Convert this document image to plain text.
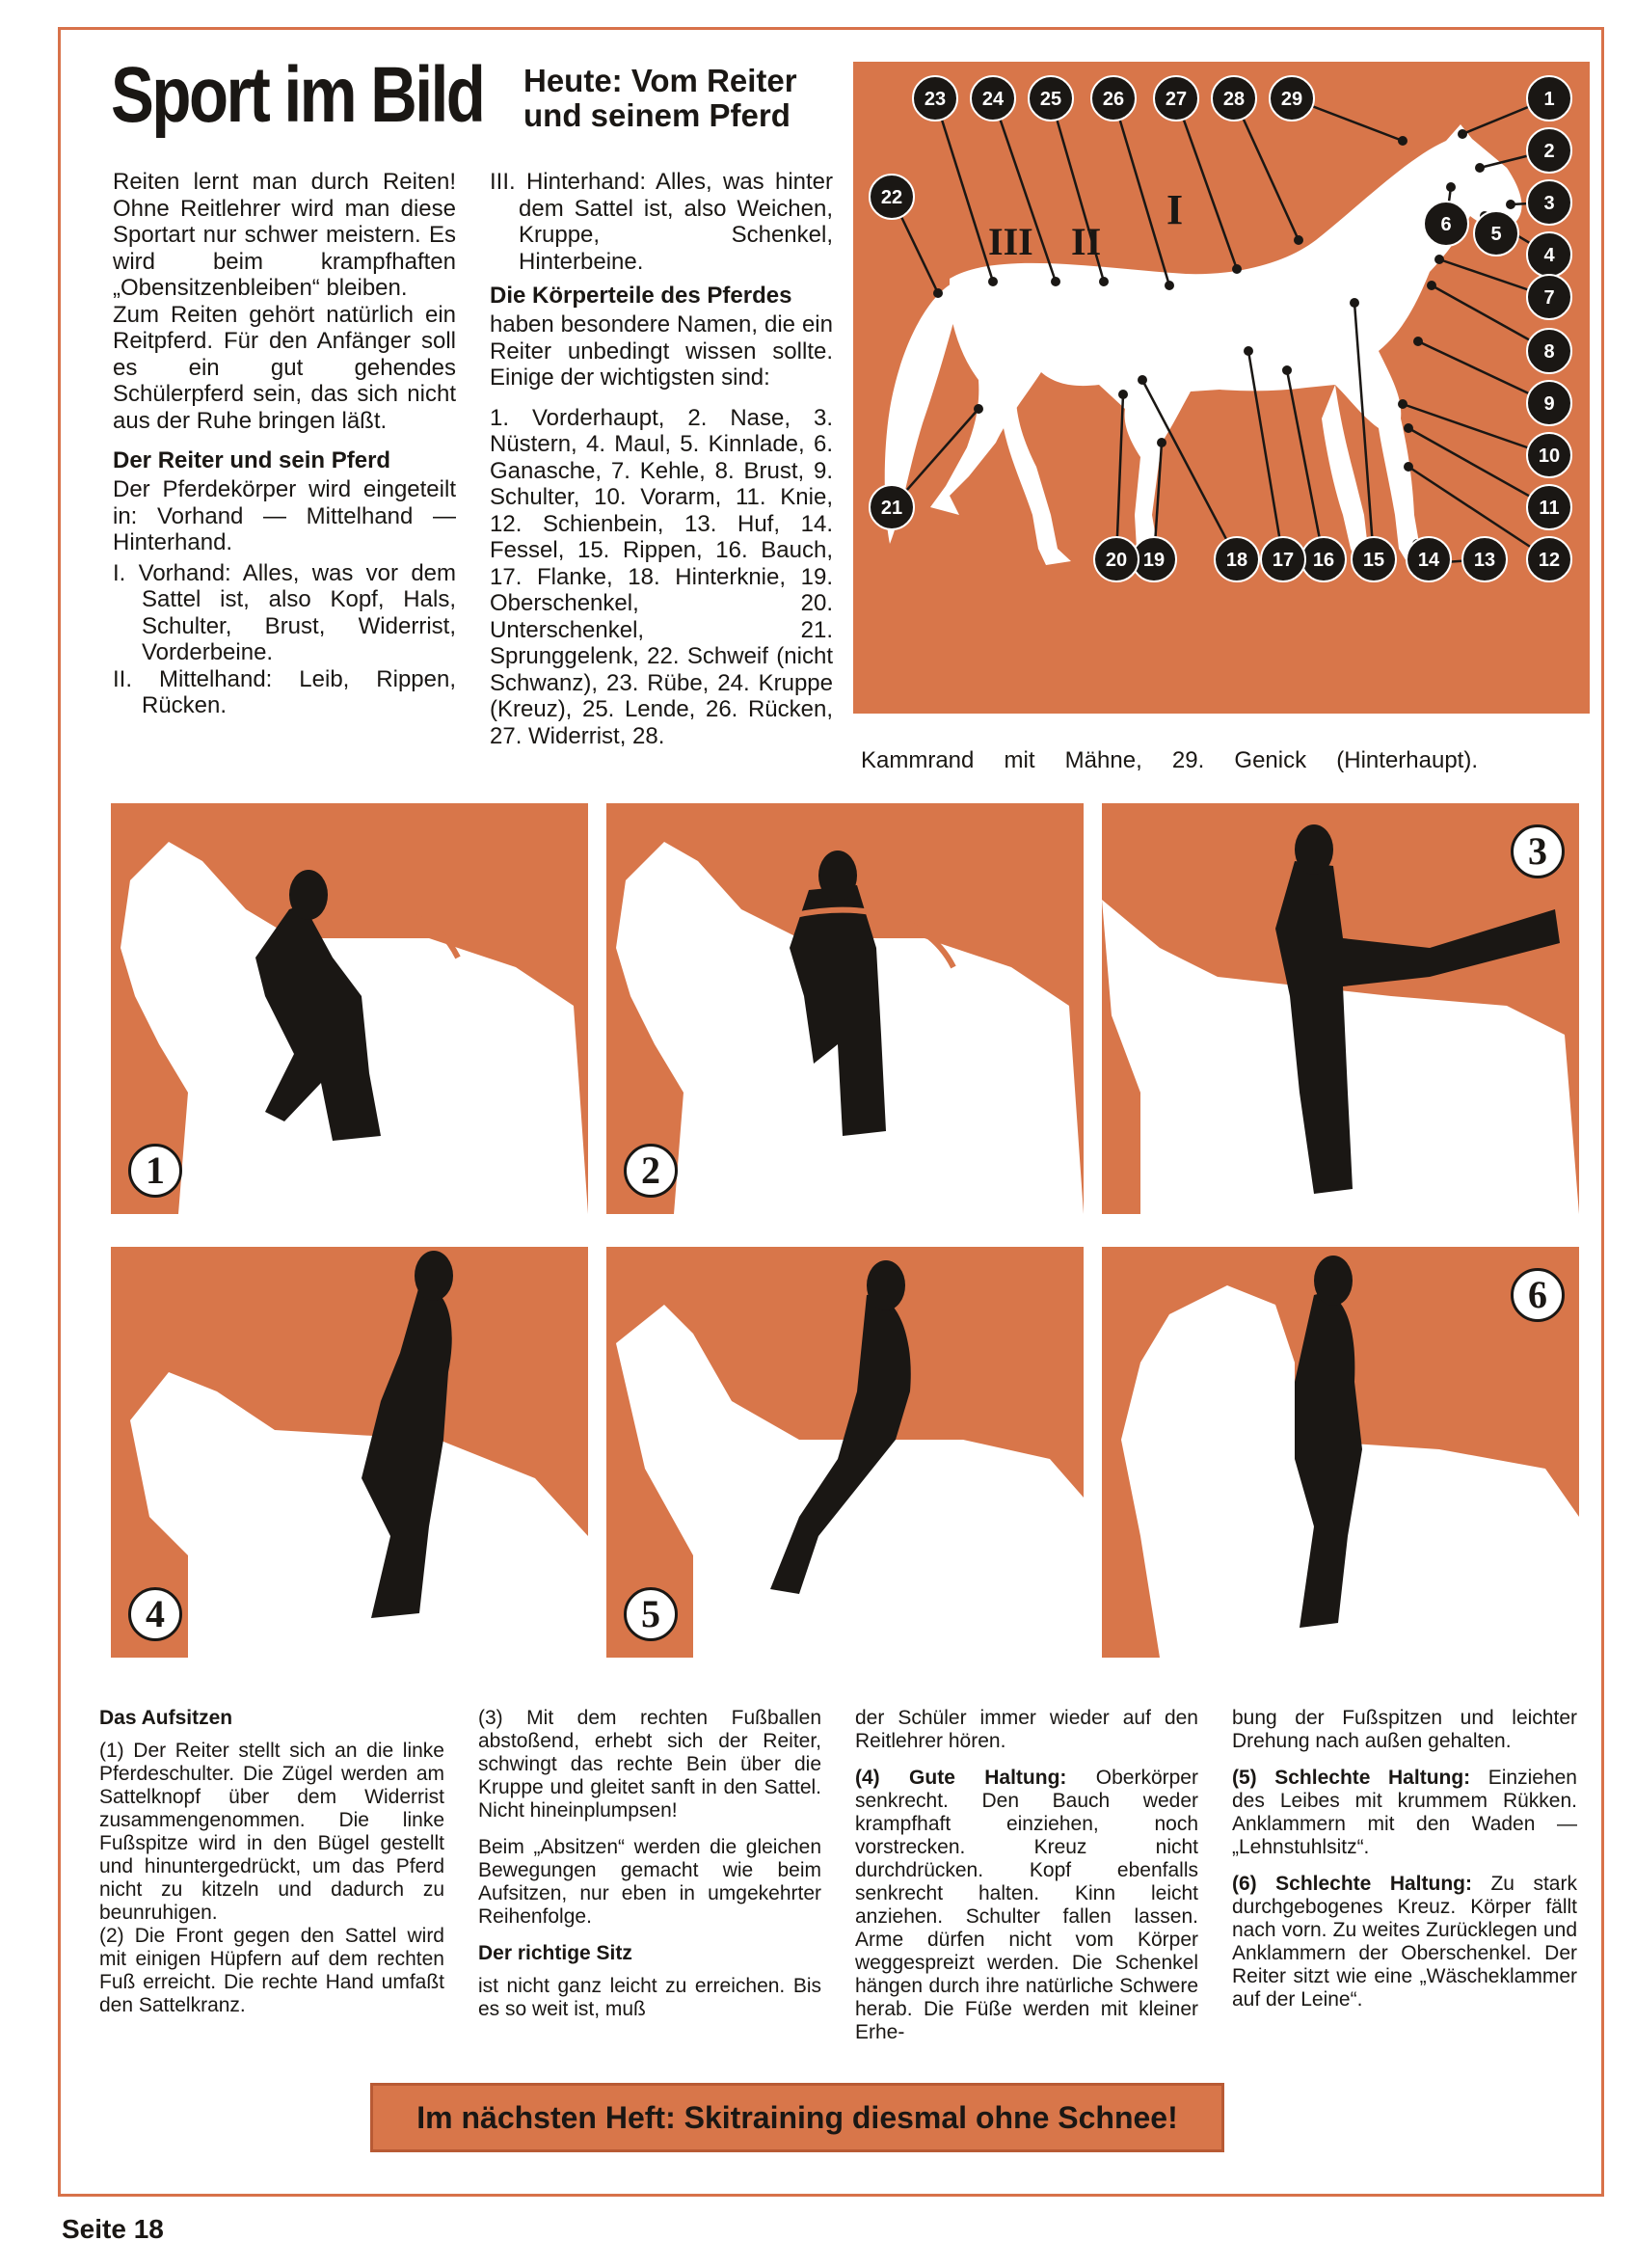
Sport im Bild Heute: Vom Reiter und seinem Pferd

Reiten lernt man durch Reiten! Ohne Reitlehrer wird man diese Sportart nur schwer meistern. Es wird beim krampfhaften „Obensitzenbleiben“ bleiben.

Zum Reiten gehört natürlich ein Reitpferd. Für den Anfänger soll es ein gut gehendes Schülerpferd sein, das sich nicht aus der Ruhe bringen läßt.

Der Reiter und sein Pferd

Der Pferdekörper wird eingeteilt in: Vorhand — Mittelhand — Hinterhand.

I. Vorhand: Alles, was vor dem Sattel ist, also Kopf, Hals, Schulter, Brust, Widerrist, Vorderbeine.

II. Mittelhand: Leib, Rippen, Rücken.

III. Hinterhand: Alles, was hinter dem Sattel ist, also Weichen, Kruppe, Schenkel, Hinterbeine.

Die Körperteile des Pferdes

haben besondere Namen, die ein Reiter unbedingt wissen sollte. Einige der wichtigsten sind:

1. Vorderhaupt, 2. Nase, 3. Nüstern, 4. Maul, 5. Kinnlade, 6. Ganasche, 7. Kehle, 8. Brust, 9. Schulter, 10. Vorarm, 11. Knie, 12. Schienbein, 13. Huf, 14. Fessel, 15. Rippen, 16. Bauch, 17. Flanke, 18. Hinterknie, 19. Oberschenkel, 20. Unterschenkel, 21. Sprunggelenk, 22. Schweif (nicht Schwanz), 23. Rübe, 24. Kruppe (Kreuz), 25. Lende, 26. Rücken, 27. Widerrist, 28.

I
II
III
1
2
3
4
5
6
7
8
9
10
11
12
13
14
15
16
17
18
19
20
21
22
23 24 25 26 27 28 29
Kammrand mit Mähne, 29. Genick (Hinterhaupt).
1	2
3
4	5
6
Das Aufsitzen

(1) Der Reiter stellt sich an die linke Pferdeschulter. Die Zügel werden am Sattelknopf über dem Widerrist zusammengenommen. Die linke Fußspitze wird in den Bügel gestellt und hinuntergedrückt, um das Pferd nicht zu kitzeln und dadurch zu beunruhigen.

(2) Die Front gegen den Sattel wird mit einigen Hüpfern auf dem rechten Fuß erreicht. Die rechte Hand umfaßt den Sattelkranz.

(3) Mit dem rechten Fußballen abstoßend, erhebt sich der Reiter, schwingt das rechte Bein über die Kruppe und gleitet sanft in den Sattel. Nicht hineinplumpsen!

Beim „Absitzen“ werden die gleichen Bewegungen gemacht wie beim Aufsitzen, nur eben in umgekehrter Reihenfolge.

Der richtige Sitz

ist nicht ganz leicht zu erreichen. Bis es so weit ist, muß

der Schüler immer wieder auf den Reitlehrer hören.

(4) Gute Haltung: Oberkörper senkrecht. Den Bauch weder krampfhaft einziehen, noch vorstrecken. Kreuz nicht durchdrücken. Kopf ebenfalls senkrecht halten. Kinn leicht anziehen. Schulter fallen lassen. Arme dürfen nicht vom Körper weggespreizt werden. Die Schenkel hängen durch ihre natürliche Schwere herab. Die Füße werden mit kleiner Erhe-

bung der Fußspitzen und leichter Drehung nach außen gehalten.

(5) Schlechte Haltung: Einziehen des Leibes mit krummem Rükken. Anklammern mit den Waden — „Lehnstuhlsitz“.

(6) Schlechte Haltung: Zu stark durchgebogenes Kreuz. Körper fällt nach vorn. Zu weites Zurücklegen und Anklammern der Oberschenkel. Der Reiter sitzt wie eine „Wäscheklammer auf der Leine“.

Im nächsten Heft: Skitraining diesmal ohne Schnee!
Seite 18
